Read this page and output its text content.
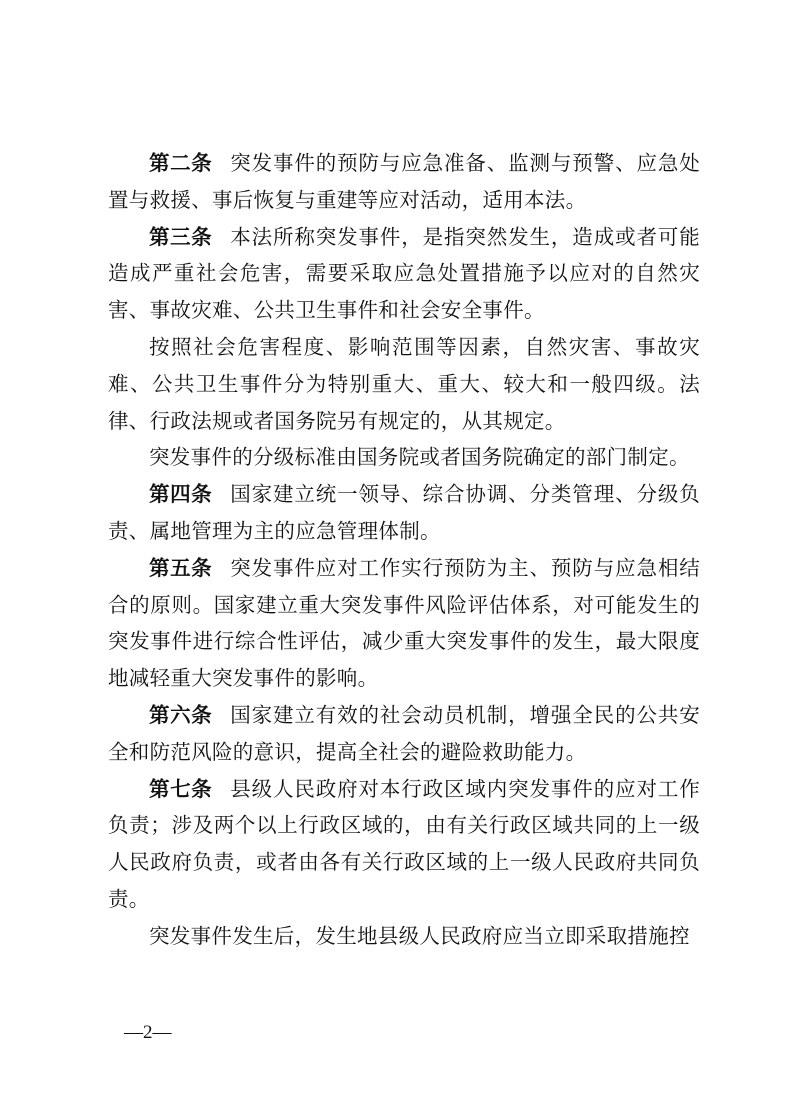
第二条 突发事件的预防与应急准备、监测与预警、应急处置与救援、事后恢复与重建等应对活动，适用本法。

第三条 本法所称突发事件，是指突然发生，造成或者可能造成严重社会危害，需要采取应急处置措施予以应对的自然灾害、事故灾难、公共卫生事件和社会安全事件。

按照社会危害程度、影响范围等因素，自然灾害、事故灾难、公共卫生事件分为特别重大、重大、较大和一般四级。法律、行政法规或者国务院另有规定的，从其规定。

突发事件的分级标准由国务院或者国务院确定的部门制定。

第四条 国家建立统一领导、综合协调、分类管理、分级负责、属地管理为主的应急管理体制。

第五条 突发事件应对工作实行预防为主、预防与应急相结合的原则。国家建立重大突发事件风险评估体系，对可能发生的突发事件进行综合性评估，减少重大突发事件的发生，最大限度地减轻重大突发事件的影响。

第六条 国家建立有效的社会动员机制，增强全民的公共安全和防范风险的意识，提高全社会的避险救助能力。

第七条 县级人民政府对本行政区域内突发事件的应对工作负责；涉及两个以上行政区域的，由有关行政区域共同的上一级人民政府负责，或者由各有关行政区域的上一级人民政府共同负责。

突发事件发生后，发生地县级人民政府应当立即采取措施控

—2—
